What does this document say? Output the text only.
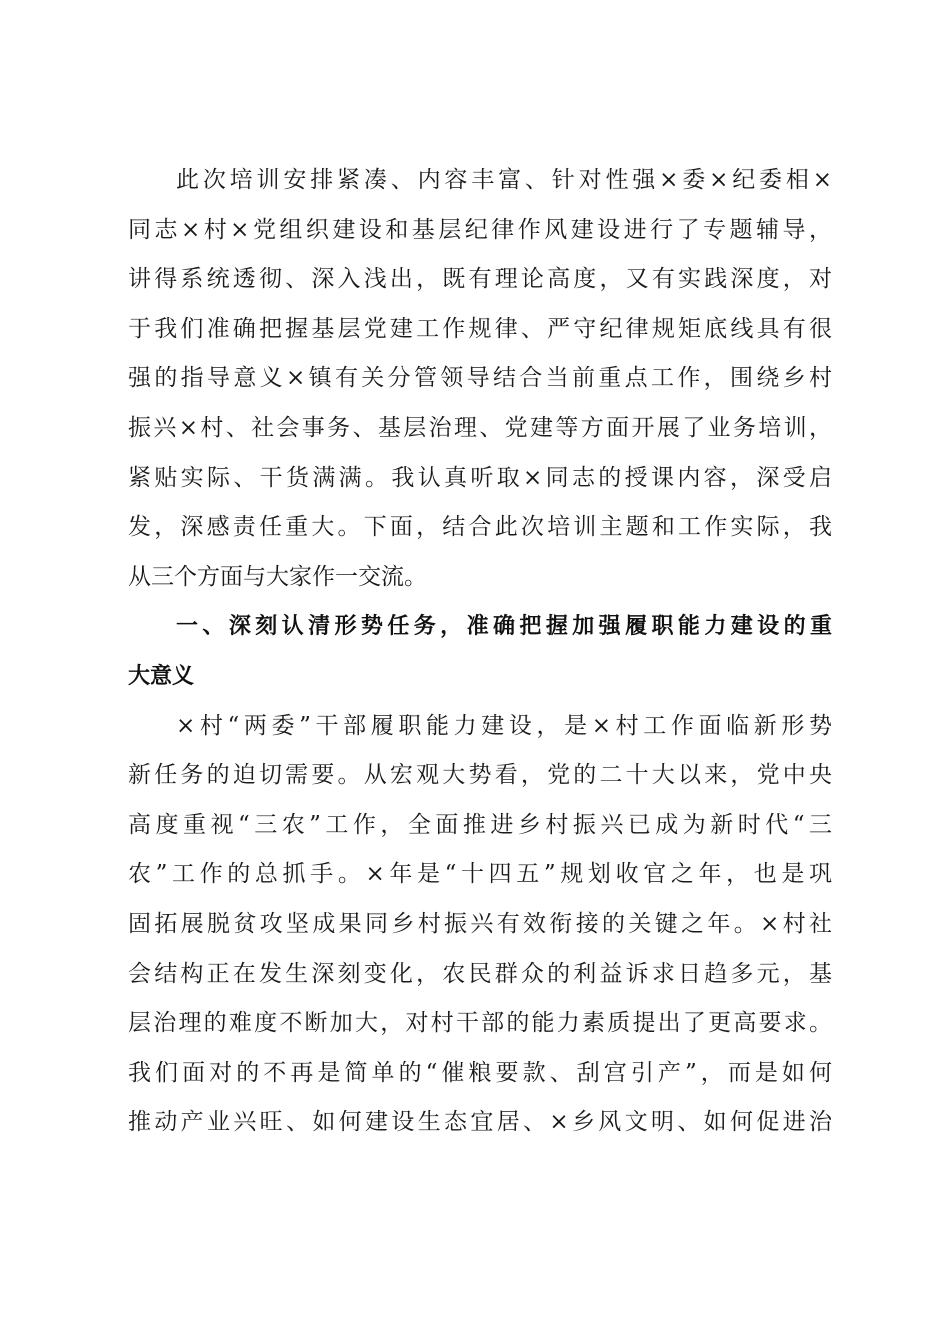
此次培训安排紧凑、内容丰富、针对性强×委×纪委相×
同志×村×党组织建设和基层纪律作风建设进行了专题辅导，
讲得系统透彻、深入浅出，既有理论高度，又有实践深度，对
于我们准确把握基层党建工作规律、严守纪律规矩底线具有很
强的指导意义×镇有关分管领导结合当前重点工作，围绕乡村
振兴×村、社会事务、基层治理、党建等方面开展了业务培训，
紧贴实际、干货满满。我认真听取×同志的授课内容，深受启
发，深感责任重大。下面，结合此次培训主题和工作实际，我
从三个方面与大家作一交流。
一、深刻认清形势任务，准确把握加强履职能力建设的重
大意义
×村“两委”干部履职能力建设，是×村工作面临新形势
新任务的迫切需要。从宏观大势看，党的二十大以来，党中央
高度重视“三农”工作，全面推进乡村振兴已成为新时代“三
农”工作的总抓手。×年是“十四五”规划收官之年，也是巩
固拓展脱贫攻坚成果同乡村振兴有效衔接的关键之年。×村社
会结构正在发生深刻变化，农民群众的利益诉求日趋多元，基
层治理的难度不断加大，对村干部的能力素质提出了更高要求。
我们面对的不再是简单的“催粮要款、刮宫引产”，而是如何
推动产业兴旺、如何建设生态宜居、×乡风文明、如何促进治
